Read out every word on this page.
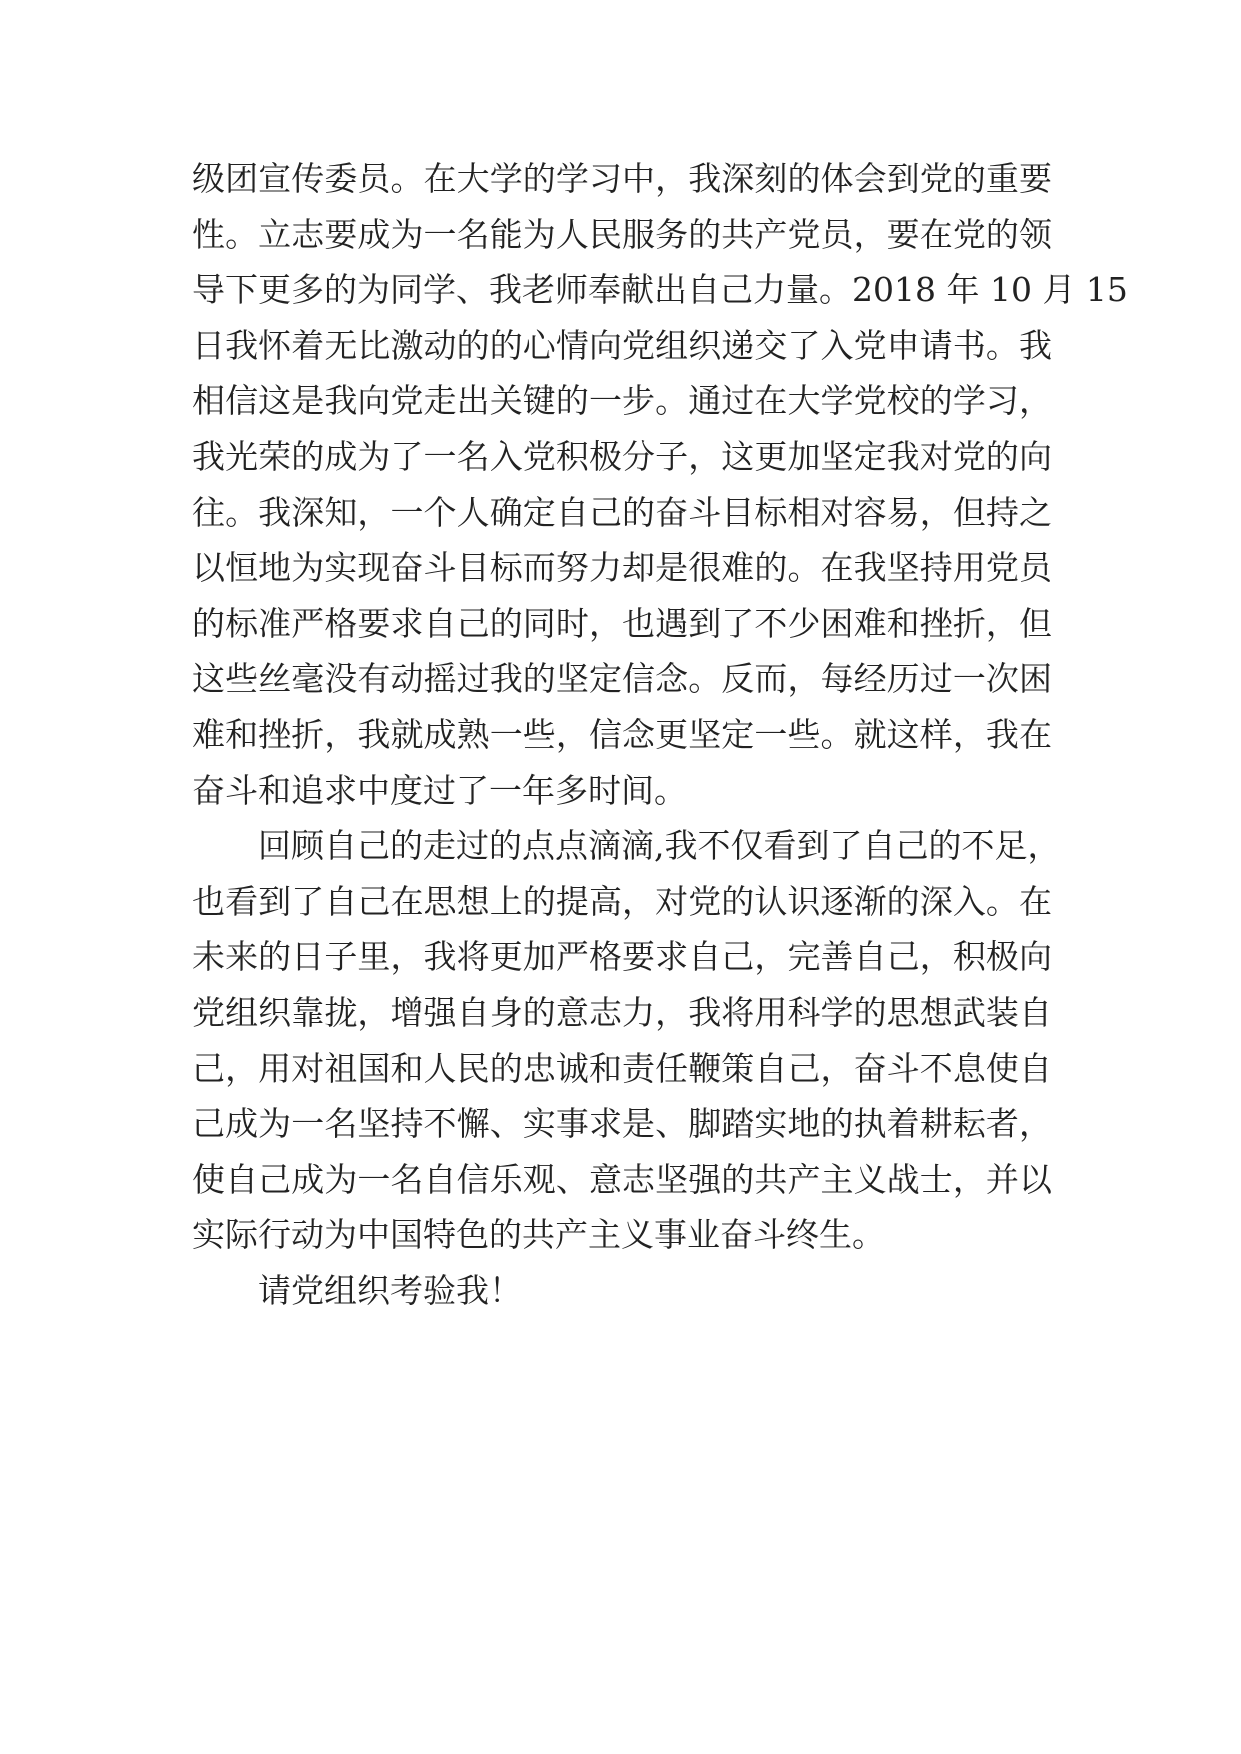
级团宣传委员。在大学的学习中，我深刻的体会到党的重要
性。立志要成为一名能为人民服务的共产党员，要在党的领
导下更多的为同学、我老师奉献出自己力量。2018 年 10 月 15
日我怀着无比激动的的心情向党组织递交了入党申请书。我
相信这是我向党走出关键的一步。通过在大学党校的学习，
我光荣的成为了一名入党积极分子，这更加坚定我对党的向
往。我深知，一个人确定自己的奋斗目标相对容易，但持之
以恒地为实现奋斗目标而努力却是很难的。在我坚持用党员
的标准严格要求自己的同时，也遇到了不少困难和挫折，但
这些丝毫没有动摇过我的坚定信念。反而，每经历过一次困
难和挫折，我就成熟一些，信念更坚定一些。就这样，我在
奋斗和追求中度过了一年多时间。
回顾自己的走过的点点滴滴,我不仅看到了自己的不足，
也看到了自己在思想上的提高，对党的认识逐渐的深入。在
未来的日子里，我将更加严格要求自己，完善自己，积极向
党组织靠拢，增强自身的意志力，我将用科学的思想武装自
己，用对祖国和人民的忠诚和责任鞭策自己，奋斗不息使自
己成为一名坚持不懈、实事求是、脚踏实地的执着耕耘者，
使自己成为一名自信乐观、意志坚强的共产主义战士，并以
实际行动为中国特色的共产主义事业奋斗终生。
请党组织考验我！
